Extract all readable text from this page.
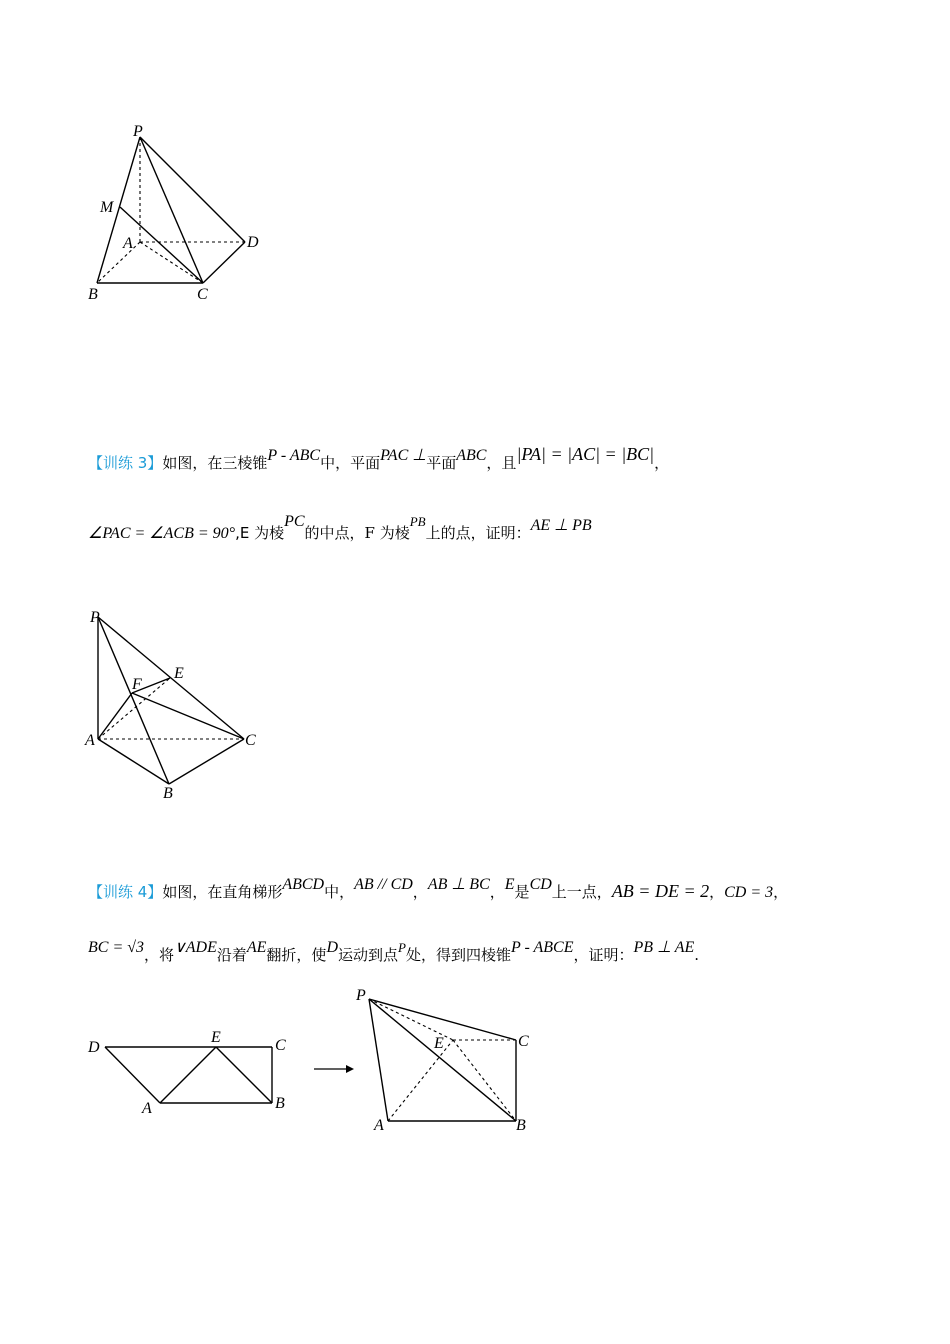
P
M
A	D
B	C
【训练 3】如图，在三棱锥P - ABC中，平面PAC ⊥平面ABC，且|PA| = |AC| = |BC|，
∠PAC = ∠ACB = 90°,E 为棱PC的中点，F 为棱PB上的点，证明：AE ⊥ PB
P
F
E
A	C
B
【训练 4】如图，在直角梯形ABCD中，AB // CD，AB ⊥ BC，E是CD上一点，AB = DE = 2，CD = 3，
BC = √3，将∨ADE沿着AE翻折，使D运动到点P处，得到四棱锥P - ABCE，证明：PB ⊥ AE.
D
E	C
A	B
P
E	C
A	B
